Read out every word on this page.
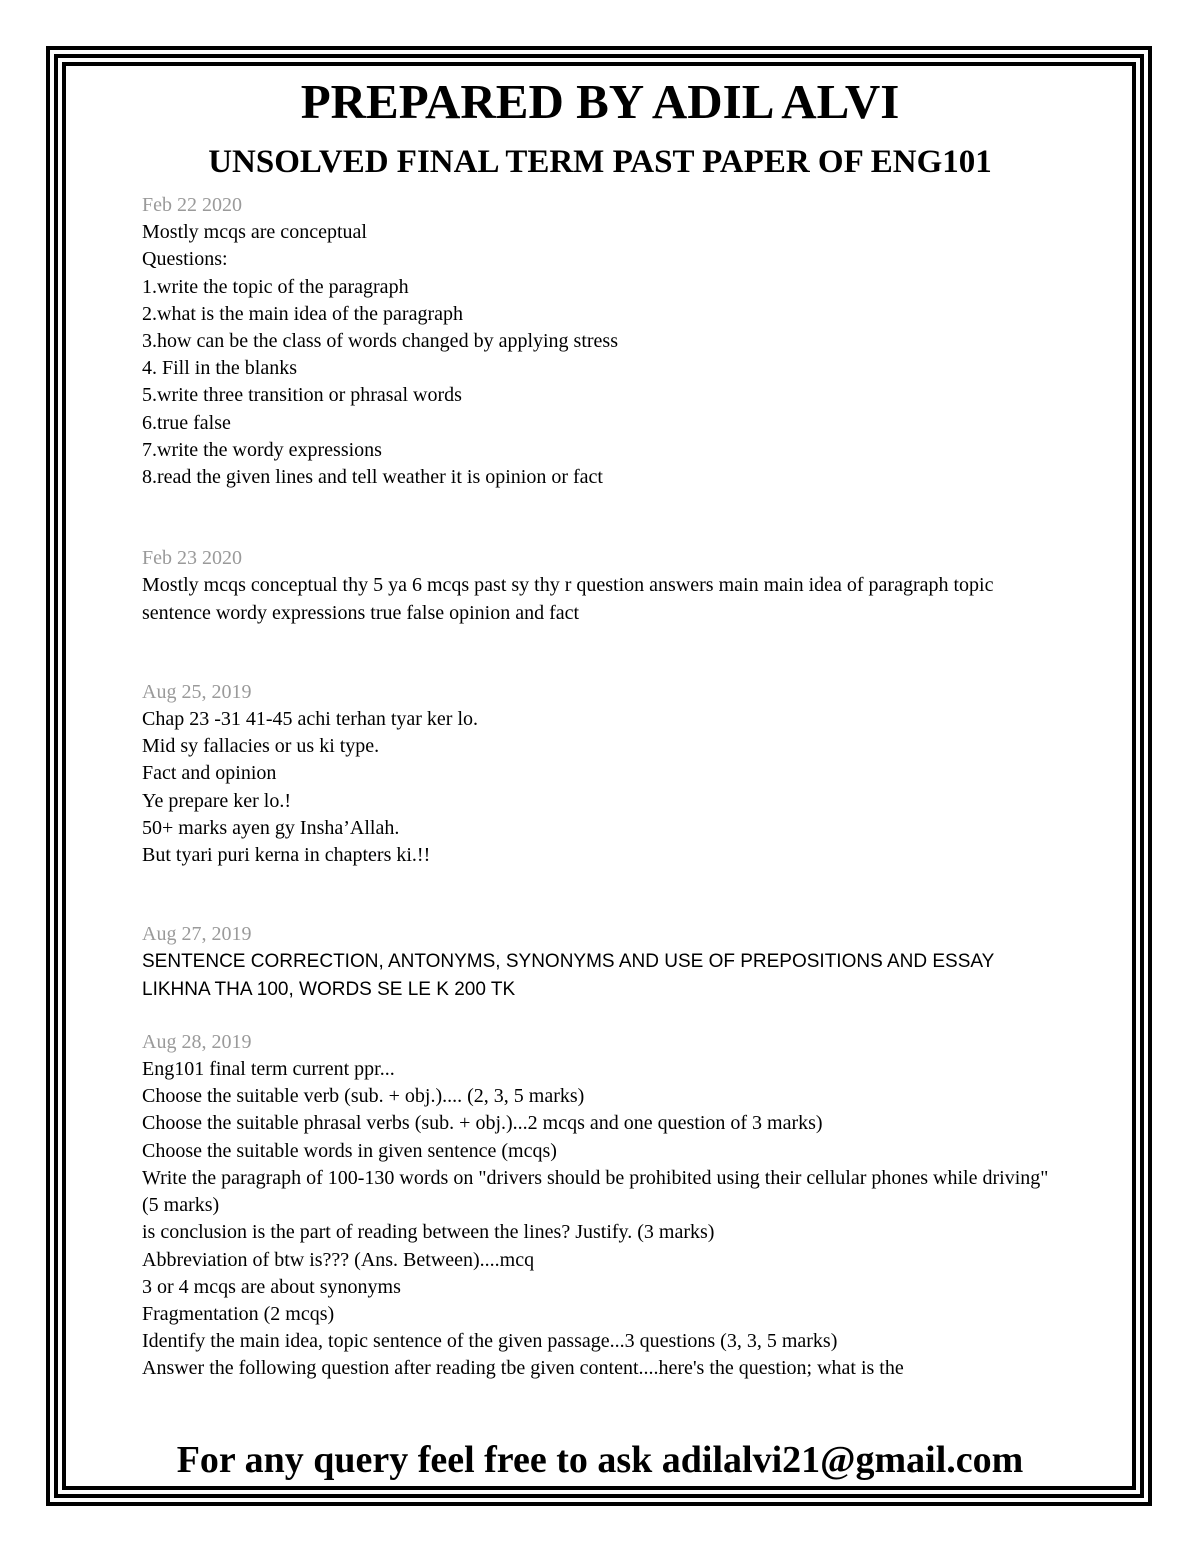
PREPARED BY ADIL ALVI
UNSOLVED FINAL TERM PAST PAPER OF ENG101
Feb 22 2020
Mostly mcqs are conceptual
Questions:
1.write the topic of the paragraph
2.what is the main idea of the paragraph
3.how can be the class of words changed by applying stress
4. Fill in the blanks
5.write three transition or phrasal words
6.true false
7.write the wordy expressions
8.read the given lines and tell weather it is opinion or fact
Feb 23 2020
Mostly mcqs conceptual thy 5 ya 6 mcqs past sy thy r question answers main main idea of paragraph topic sentence wordy expressions true false opinion and fact
Aug 25, 2019
Chap 23 -31 41-45 achi terhan tyar ker lo.
Mid sy fallacies or us ki type.
Fact and opinion
Ye prepare ker lo.!
50+ marks ayen gy Insha’Allah.
But tyari puri kerna in chapters ki.!!
Aug 27, 2019
SENTENCE CORRECTION, ANTONYMS, SYNONYMS AND USE OF PREPOSITIONS AND ESSAY LIKHNA THA 100, WORDS SE LE K 200 TK
Aug 28, 2019
Eng101 final term current ppr...
Choose the suitable verb (sub. + obj.).... (2, 3, 5 marks)
Choose the suitable phrasal verbs (sub. + obj.)...2 mcqs and one question of 3 marks)
Choose the suitable words in given sentence (mcqs)
Write the paragraph of 100-130 words on "drivers should be prohibited using their cellular phones while driving" (5 marks)
is conclusion is the part of reading between the lines? Justify. (3 marks)
Abbreviation of btw is??? (Ans. Between)....mcq
3 or 4 mcqs are about synonyms
Fragmentation (2 mcqs)
Identify the main idea, topic sentence of the given passage...3 questions (3, 3, 5 marks)
Answer the following question after reading tbe given content....here's the question; what is the

For any query feel free to ask adilalvi21@gmail.com
